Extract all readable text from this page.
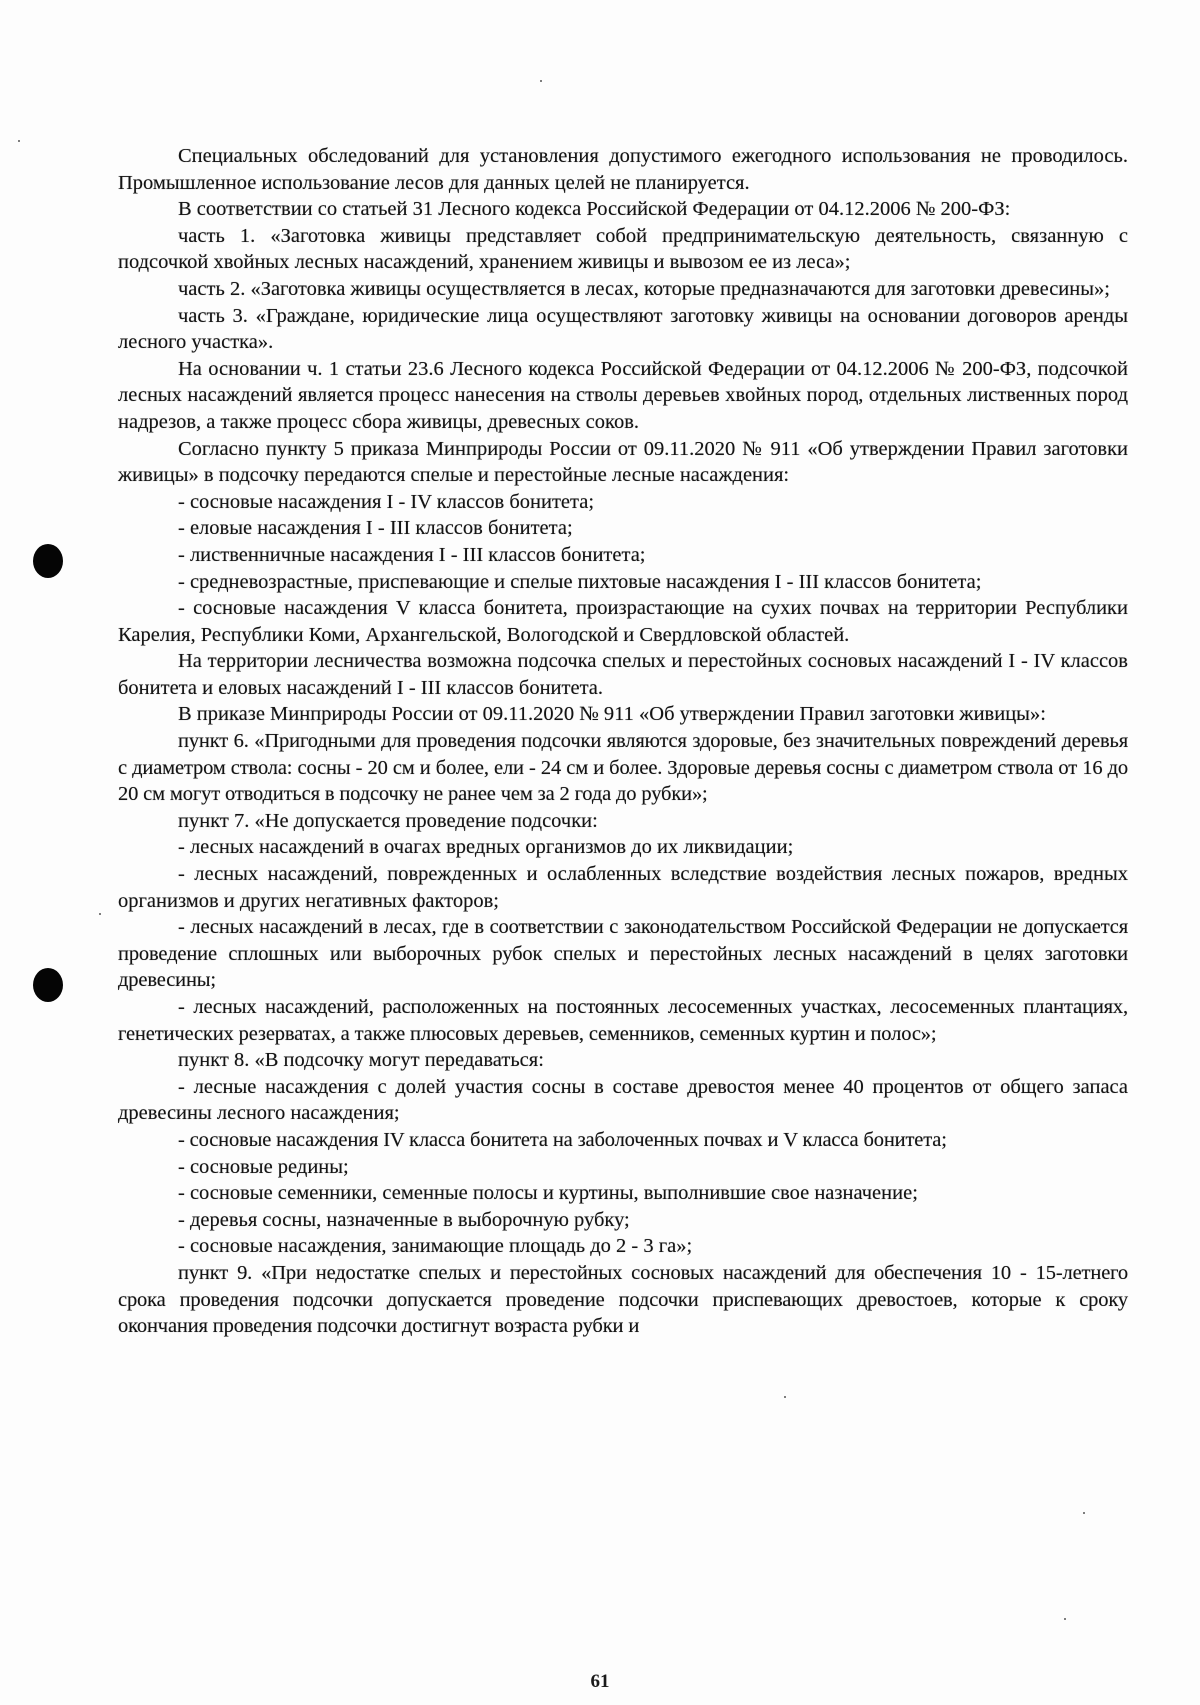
Специальных обследований для установления допустимого ежегодного использования не проводилось. Промышленное использование лесов для данных целей не планируется.

В соответствии со статьей 31 Лесного кодекса Российской Федерации от 04.12.2006 № 200-ФЗ:

часть 1. «Заготовка живицы представляет собой предпринимательскую деятельность, связанную с подсочкой хвойных лесных насаждений, хранением живицы и вывозом ее из леса»;

часть 2. «Заготовка живицы осуществляется в лесах, которые предназначаются для заготовки древесины»;

часть 3. «Граждане, юридические лица осуществляют заготовку живицы на основании договоров аренды лесного участка».

На основании ч. 1 статьи 23.6 Лесного кодекса Российской Федерации от 04.12.2006 № 200-ФЗ, подсочкой лесных насаждений является процесс нанесения на стволы деревьев хвойных пород, отдельных лиственных пород надрезов, а также процесс сбора живицы, древесных соков.

Согласно пункту 5 приказа Минприроды России от 09.11.2020 № 911 «Об утверждении Правил заготовки живицы» в подсочку передаются спелые и перестойные лесные насаждения:

- сосновые насаждения I - IV классов бонитета;

- еловые насаждения I - III классов бонитета;

- лиственничные насаждения I - III классов бонитета;

- средневозрастные, приспевающие и спелые пихтовые насаждения I - III классов бонитета;

- сосновые насаждения V класса бонитета, произрастающие на сухих почвах на территории Республики Карелия, Республики Коми, Архангельской, Вологодской и Свердловской областей.

На территории лесничества возможна подсочка спелых и перестойных сосновых насаждений I - IV классов бонитета и еловых насаждений I - III классов бонитета.

В приказе Минприроды России от 09.11.2020 № 911 «Об утверждении Правил заготовки живицы»:

пункт 6. «Пригодными для проведения подсочки являются здоровые, без значительных повреждений деревья с диаметром ствола: сосны - 20 см и более, ели - 24 см и более. Здоровые деревья сосны с диаметром ствола от 16 до 20 см могут отводиться в подсочку не ранее чем за 2 года до рубки»;

пункт 7. «Не допускается проведение подсочки:

- лесных насаждений в очагах вредных организмов до их ликвидации;

- лесных насаждений, поврежденных и ослабленных вследствие воздействия лесных пожаров, вредных организмов и других негативных факторов;

- лесных насаждений в лесах, где в соответствии с законодательством Российской Федерации не допускается проведение сплошных или выборочных рубок спелых и перестойных лесных насаждений в целях заготовки древесины;

- лесных насаждений, расположенных на постоянных лесосеменных участках, лесосеменных плантациях, генетических резерватах, а также плюсовых деревьев, семенников, семенных куртин и полос»;

пункт 8. «В подсочку могут передаваться:

- лесные насаждения с долей участия сосны в составе древостоя менее 40 процентов от общего запаса древесины лесного насаждения;

- сосновые насаждения IV класса бонитета на заболоченных почвах и V класса бонитета;

- сосновые редины;

- сосновые семенники, семенные полосы и куртины, выполнившие свое назначение;

- деревья сосны, назначенные в выборочную рубку;

- сосновые насаждения, занимающие площадь до 2 - 3 га»;

пункт 9. «При недостатке спелых и перестойных сосновых насаждений для обеспечения 10 - 15-летнего срока проведения подсочки допускается проведение подсочки приспевающих древостоев, которые к сроку окончания проведения подсочки достигнут возраста рубки и

61
